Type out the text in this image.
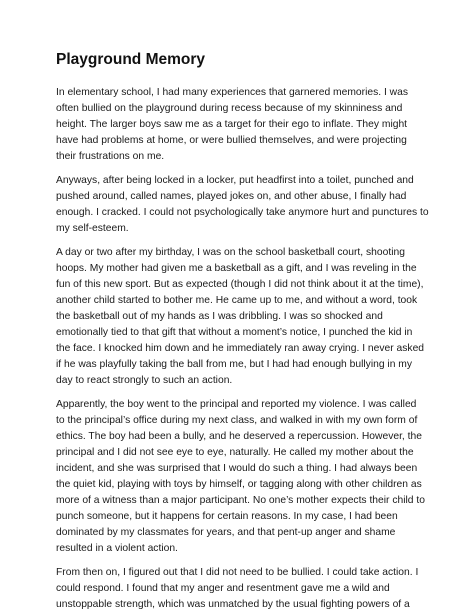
Playground Memory

In elementary school, I had many experiences that garnered memories. I was
often bullied on the playground during recess because of my skinniness and
height. The larger boys saw me as a target for their ego to inflate. They might
have had problems at home, or were bullied themselves, and were projecting
their frustrations on me.

Anyways, after being locked in a locker, put headfirst into a toilet, punched and
pushed around, called names, played jokes on, and other abuse, I finally had
enough. I cracked. I could not psychologically take anymore hurt and punctures to
my self-esteem.

A day or two after my birthday, I was on the school basketball court, shooting
hoops. My mother had given me a basketball as a gift, and I was reveling in the
fun of this new sport. But as expected (though I did not think about it at the time),
another child started to bother me. He came up to me, and without a word, took
the basketball out of my hands as I was dribbling. I was so shocked and
emotionally tied to that gift that without a moment’s notice, I punched the kid in
the face. I knocked him down and he immediately ran away crying. I never asked
if he was playfully taking the ball from me, but I had had enough bullying in my
day to react strongly to such an action.

Apparently, the boy went to the principal and reported my violence. I was called
to the principal’s office during my next class, and walked in with my own form of
ethics. The boy had been a bully, and he deserved a repercussion. However, the
principal and I did not see eye to eye, naturally. He called my mother about the
incident, and she was surprised that I would do such a thing. I had always been
the quiet kid, playing with toys by himself, or tagging along with other children as
more of a witness than a major participant. No one’s mother expects their child to
punch someone, but it happens for certain reasons. In my case, I had been
dominated by my classmates for years, and that pent-up anger and shame
resulted in a violent action.

From then on, I figured out that I did not need to be bullied. I could take action. I
could respond. I found that my anger and resentment gave me a wild and
unstoppable strength, which was unmatched by the usual fighting powers of a
